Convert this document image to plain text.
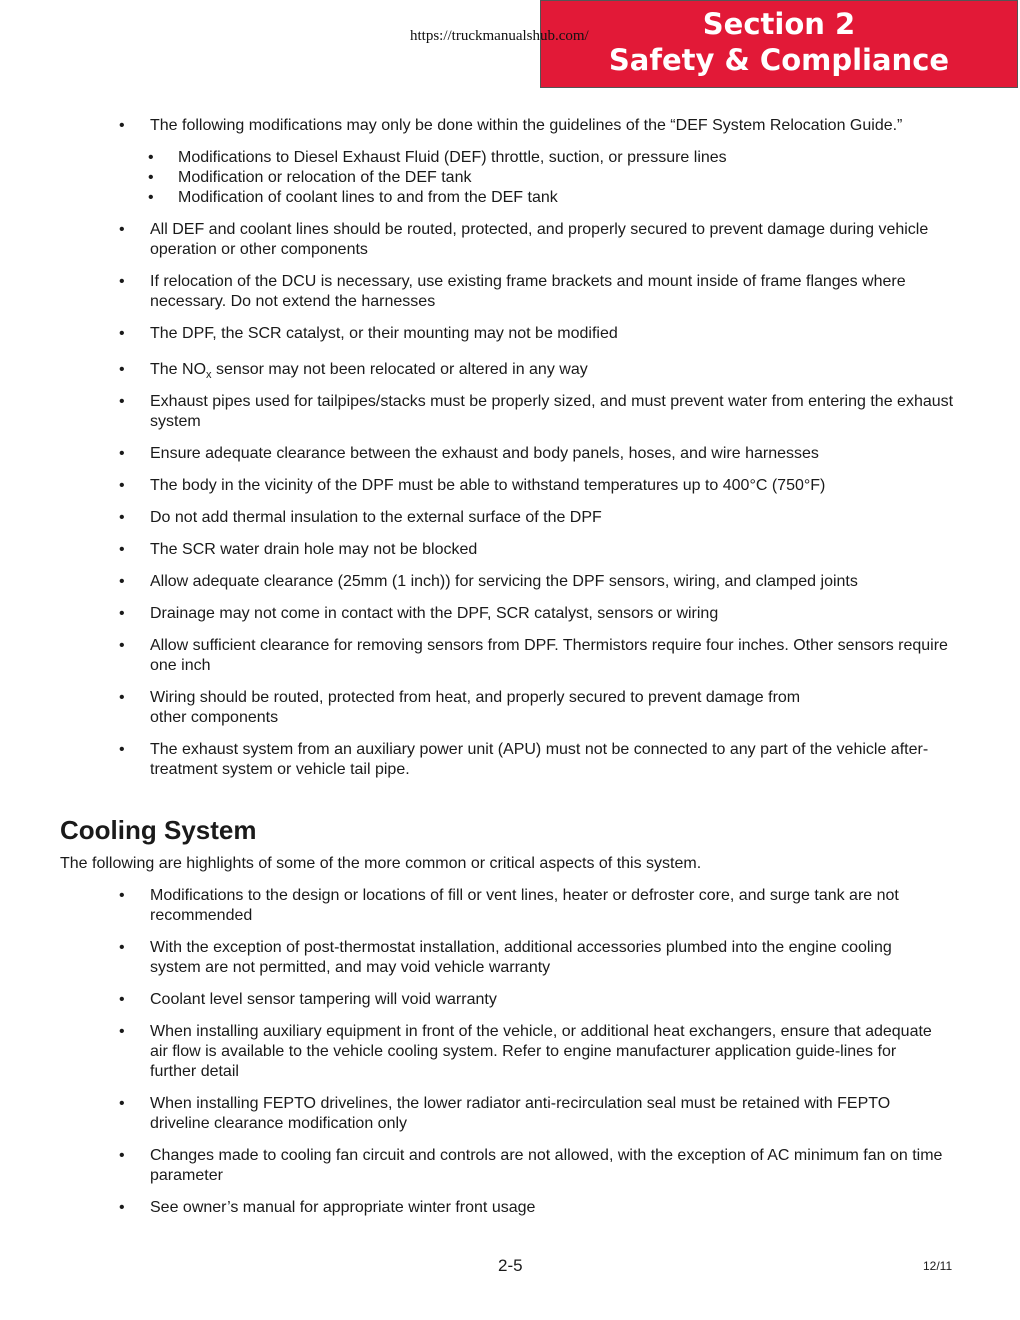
Section 2
Safety & Compliance
https://truckmanualshub.com/
• The following modifications may only be done within the guidelines of the “DEF System Relocation Guide.”
• Modifications to Diesel Exhaust Fluid (DEF) throttle, suction, or pressure lines
• Modification or relocation of the DEF tank
• Modification of coolant lines to and from the DEF tank
• All DEF and coolant lines should be routed, protected, and properly secured to prevent damage during vehicle operation or other components
• If relocation of the DCU is necessary, use existing frame brackets and mount inside of frame flanges where necessary. Do not extend the harnesses
• The DPF, the SCR catalyst, or their mounting may not be modified
• The $NO_x$ sensor may not been relocated or altered in any way
• Exhaust pipes used for tailpipes/stacks must be properly sized, and must prevent water from entering the exhaust system
• Ensure adequate clearance between the exhaust and body panels, hoses, and wire harnesses
• The body in the vicinity of the DPF must be able to withstand temperatures up to 400°C (750°F)
• Do not add thermal insulation to the external surface of the DPF
• The SCR water drain hole may not be blocked
• Allow adequate clearance (25mm (1 inch)) for servicing the DPF sensors, wiring, and clamped joints
• Drainage may not come in contact with the DPF, SCR catalyst, sensors or wiring
• Allow sufficient clearance for removing sensors from DPF. Thermistors require four inches. Other sensors require one inch
• Wiring should be routed, protected from heat, and properly secured to prevent damage from other components
• The exhaust system from an auxiliary power unit (APU) must not be connected to any part of the vehicle after-treatment system or vehicle tail pipe.
Cooling System

The following are highlights of some of the more common or critical aspects of this system.

• Modifications to the design or locations of fill or vent lines, heater or defroster core, and surge tank are not recommended
• With the exception of post-thermostat installation, additional accessories plumbed into the engine cooling system are not permitted, and may void vehicle warranty
• Coolant level sensor tampering will void warranty
• When installing auxiliary equipment in front of the vehicle, or additional heat exchangers, ensure that adequate air flow is available to the vehicle cooling system. Refer to engine manufacturer application guide-lines for further detail
• When installing FEPTO drivelines, the lower radiator anti-recirculation seal must be retained with FEPTO driveline clearance modification only
• Changes made to cooling fan circuit and controls are not allowed, with the exception of AC minimum fan on time parameter
• See owner’s manual for appropriate winter front usage
2-5	12/11
